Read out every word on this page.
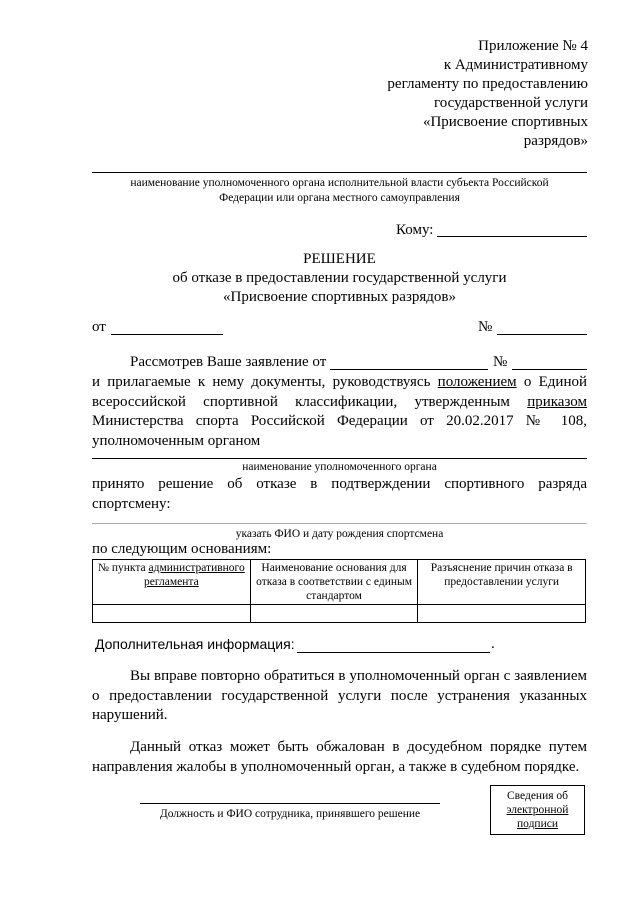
Приложение № 4
к Административному
регламенту по предоставлению
государственной услуги
«Присвоение спортивных
разрядов»
наименование уполномоченного органа исполнительной власти субъекта Российской
Федерации или органа местного самоуправления
Кому:
РЕШЕНИЕ
об отказе в предоставлении государственной услуги
«Присвоение спортивных разрядов»
от	№
Рассмотрев Ваше заявление от	№
и прилагаемые к нему документы, руководствуясь положением о Единой всероссийской спортивной классификации, утвержденным приказом Министерства спорта Российской Федерации от 20.02.2017 № 108, уполномоченным органом
наименование уполномоченного органа
принято решение об отказе в подтверждении спортивного разряда спортсмену:
указать ФИО и дату рождения спортсмена
по следующим основаниям:
№ пункта административного регламента	Наименование основания для отказа в соответствии с единым стандартом	Разъяснение причин отказа в предоставлении услуги

Дополнительная информация:	.
Вы вправе повторно обратиться в уполномоченный орган с заявлением о предоставлении государственной услуги после устранения указанных нарушений.
Данный отказ может быть обжалован в досудебном порядке путем направления жалобы в уполномоченный орган, а также в судебном порядке.
Должность и ФИО сотрудника, принявшего решение
Сведения об
электронной
подписи
